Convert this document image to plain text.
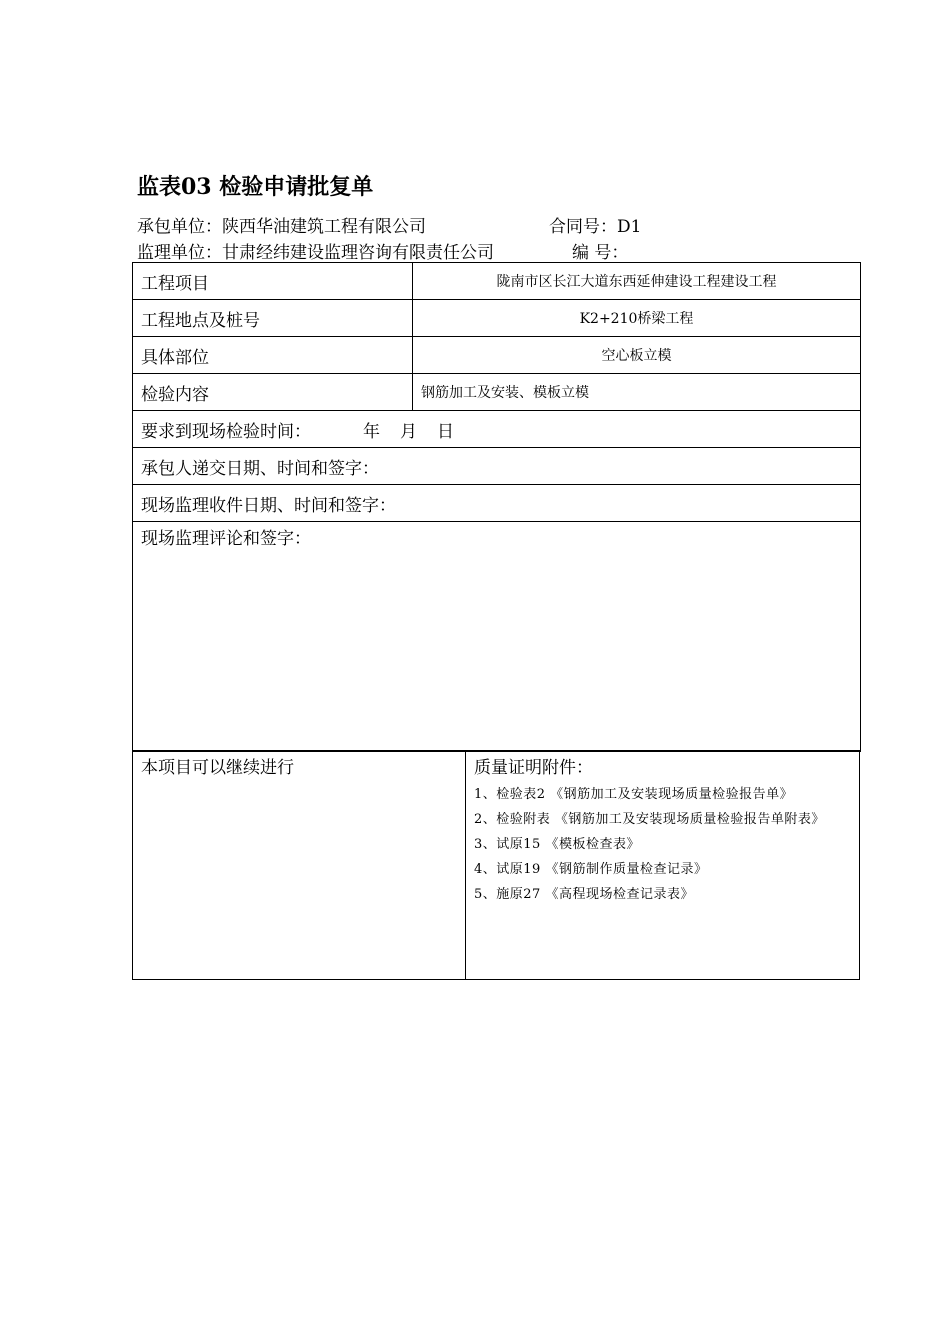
监表03 检验申请批复单
承包单位：陕西华油建筑工程有限公司	合同号：D1
监理单位：甘肃经纬建设监理咨询有限责任公司	编 号：
工程项目	陇南市区长江大道东西延伸建设工程建设工程
工程地点及桩号	K2+210桥梁工程
具体部位	空心板立模
检验内容	钢筋加工及安装、模板立模
要求到现场检验时间： 年 月 日	
承包人递交日期、时间和签字：	
现场监理收件日期、时间和签字：	
现场监理评论和签字：	
本项目可以继续进行	质量证明附件：
1、检验表2 《钢筋加工及安装现场质量检验报告单》
2、检验附表 《钢筋加工及安装现场质量检验报告单附表》
3、试原15 《模板检查表》
4、试原19 《钢筋制作质量检查记录》
5、施原27 《高程现场检查记录表》
